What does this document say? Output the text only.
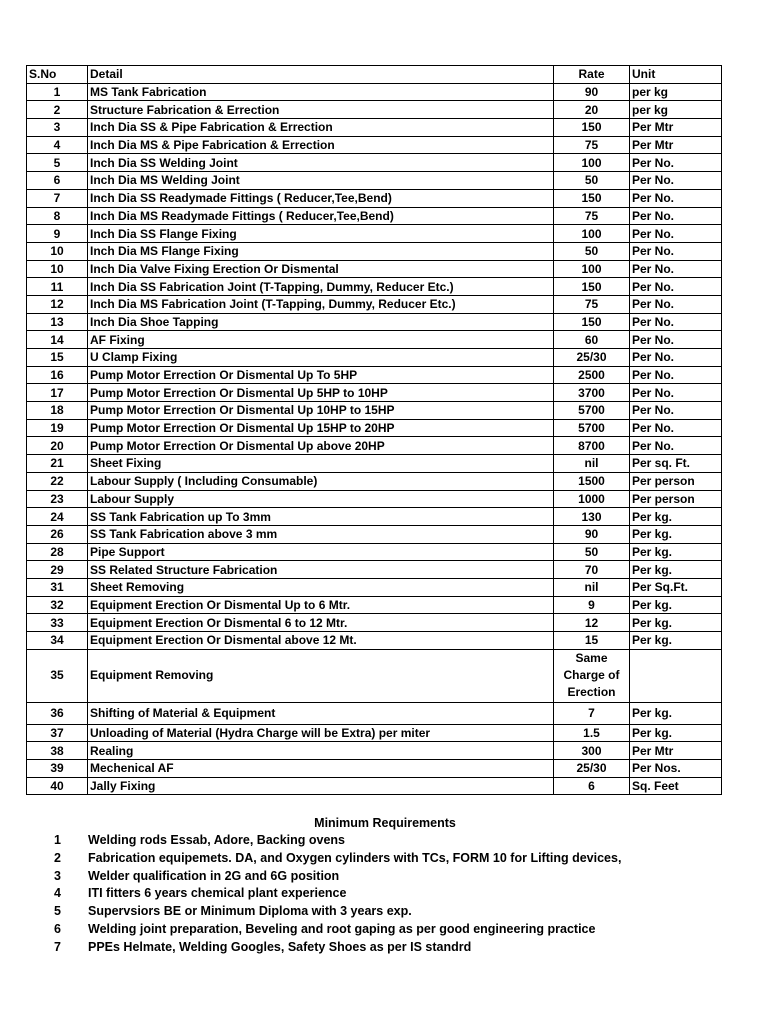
S.No	Detail	Rate	Unit
1	MS Tank Fabrication	90	per kg
2	Structure Fabrication & Errection	20	per kg
3	Inch Dia SS & Pipe Fabrication & Errection	150	Per Mtr
4	Inch Dia MS & Pipe Fabrication & Errection	75	Per Mtr
5	Inch Dia SS Welding Joint	100	Per No.
6	Inch Dia MS Welding Joint	50	Per No.
7	Inch Dia SS Readymade Fittings ( Reducer,Tee,Bend)	150	Per No.
8	Inch Dia MS Readymade Fittings ( Reducer,Tee,Bend)	75	Per No.
9	Inch Dia SS Flange Fixing	100	Per No.
10	Inch Dia MS Flange Fixing	50	Per No.
10	Inch Dia Valve Fixing Erection Or Dismental	100	Per No.
11	Inch Dia SS Fabrication Joint (T-Tapping, Dummy, Reducer Etc.)	150	Per No.
12	Inch Dia MS Fabrication Joint (T-Tapping, Dummy, Reducer Etc.)	75	Per No.
13	Inch Dia Shoe Tapping	150	Per No.
14	AF Fixing	60	Per No.
15	U Clamp Fixing	25/30	Per No.
16	Pump Motor Errection Or Dismental Up To 5HP	2500	Per No.
17	Pump Motor Errection Or Dismental Up 5HP to 10HP	3700	Per No.
18	Pump Motor Errection Or Dismental Up 10HP to 15HP	5700	Per No.
19	Pump Motor Errection Or Dismental Up 15HP to 20HP	5700	Per No.
20	Pump Motor Errection Or Dismental Up above 20HP	8700	Per No.
21	Sheet Fixing	nil	Per sq. Ft.
22	Labour Supply ( Including Consumable)	1500	Per person
23	Labour Supply	1000	Per person
24	SS Tank Fabrication up To 3mm	130	Per kg.
26	SS Tank Fabrication above 3 mm	90	Per kg.
28	Pipe Support	50	Per kg.
29	SS Related Structure Fabrication	70	Per kg.
31	Sheet Removing	nil	Per Sq.Ft.
32	Equipment Erection Or Dismental Up to 6 Mtr.	9	Per kg.
33	Equipment Erection Or Dismental 6 to 12 Mtr.	12	Per kg.
34	Equipment Erection Or Dismental above 12 Mt.	15	Per kg.
35	Equipment Removing	Same Charge of Erection	
36	Shifting of Material & Equipment	7	Per kg.
37	Unloading of Material (Hydra Charge will be Extra) per miter	1.5	Per kg.
38	Realing	300	Per Mtr
39	Mechenical AF	25/30	Per Nos.
40	Jally Fixing	6	Sq. Feet
Minimum Requirements
1	Welding rods Essab, Adore, Backing ovens
2	Fabrication equipemets. DA, and Oxygen cylinders with TCs, FORM 10 for Lifting devices,
3	Welder qualification in 2G and 6G position
4	ITI fitters 6 years chemical plant experience
5	Supervsiors BE or Minimum Diploma with 3 years exp.
6	Welding joint preparation, Beveling and root gaping as per good engineering practice
7	PPEs Helmate, Welding Googles, Safety Shoes as per IS standrd
